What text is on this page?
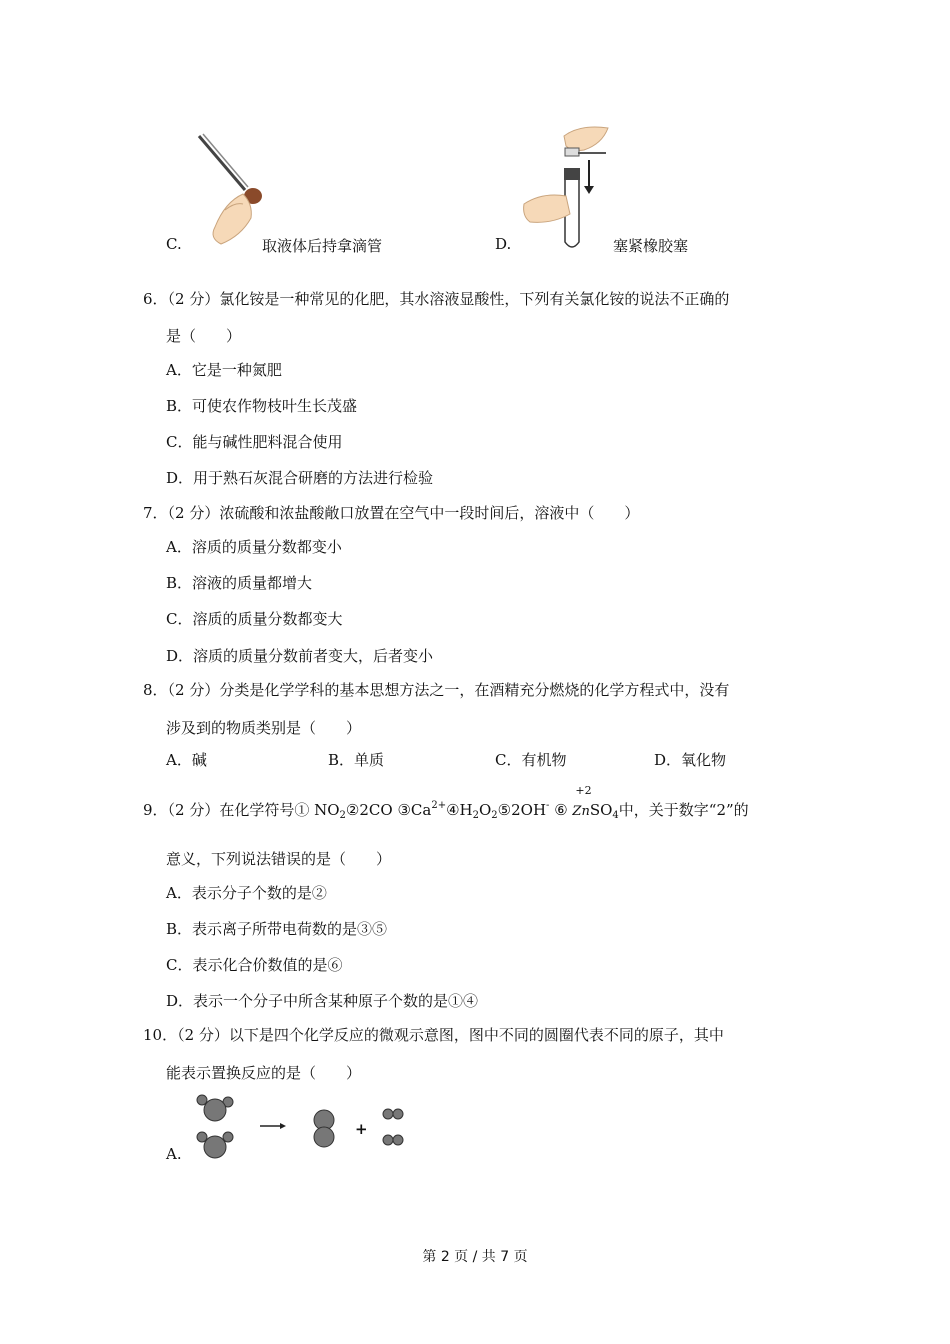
C.	取液体后持拿滴管	D.	塞紧橡胶塞
6．（2 分）氯化铵是一种常见的化肥，其水溶液显酸性，下列有关氯化铵的说法不正确的
是（　　）
A．它是一种氮肥
B．可使农作物枝叶生长茂盛
C．能与碱性肥料混合使用
D．用于熟石灰混合研磨的方法进行检验
7．（2 分）浓硫酸和浓盐酸敞口放置在空气中一段时间后，溶液中（　　）
A．溶质的质量分数都变小
B．溶液的质量都增大
C．溶质的质量分数都变大
D．溶质的质量分数前者变大，后者变小
8．（2 分）分类是化学学科的基本思想方法之一，在酒精充分燃烧的化学方程式中，没有
涉及到的物质类别是（　　）
A．碱	B．单质	C．有机物	D．氧化物
9．（2 分）在化学符号① $NO_2②2CO$ $③Ca^{2+}④H_2O_2⑤2OH^-$ ⑥
+2
ZnSO$_4$中，关于数字“2”的
意义，下列说法错误的是（　　）
A．表示分子个数的是②
B．表示离子所带电荷数的是③⑤
C．表示化合价数值的是⑥
D．表示一个分子中所含某种原子个数的是①④
10．（2 分）以下是四个化学反应的微观示意图，图中不同的圆圈代表不同的原子，其中
能表示置换反应的是（　　）
+
A.
第 2 页 / 共 7 页
